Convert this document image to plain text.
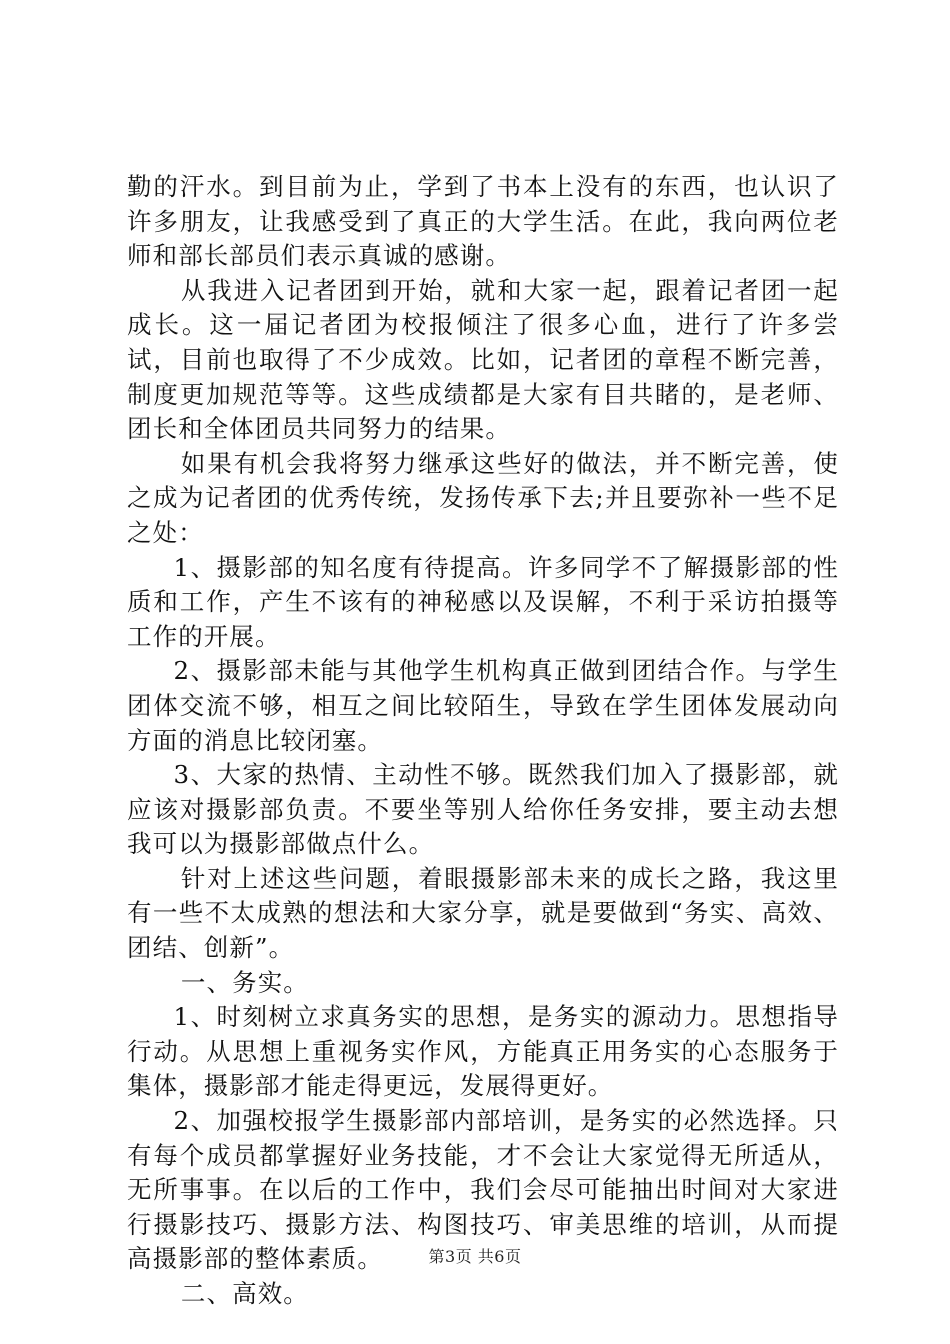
勤的汗水。到目前为止，学到了书本上没有的东西，也认识了许多朋友，让我感受到了真正的大学生活。在此，我向两位老师和部长部员们表示真诚的感谢。

从我进入记者团到开始，就和大家一起，跟着记者团一起成长。这一届记者团为校报倾注了很多心血，进行了许多尝试，目前也取得了不少成效。比如，记者团的章程不断完善，制度更加规范等等。这些成绩都是大家有目共睹的，是老师、团长和全体团员共同努力的结果。

如果有机会我将努力继承这些好的做法，并不断完善，使之成为记者团的优秀传统，发扬传承下去;并且要弥补一些不足之处：

1、摄影部的知名度有待提高。许多同学不了解摄影部的性质和工作，产生不该有的神秘感以及误解，不利于采访拍摄等工作的开展。

2、摄影部未能与其他学生机构真正做到团结合作。与学生团体交流不够，相互之间比较陌生，导致在学生团体发展动向方面的消息比较闭塞。

3、大家的热情、主动性不够。既然我们加入了摄影部，就应该对摄影部负责。不要坐等别人给你任务安排，要主动去想我可以为摄影部做点什么。

针对上述这些问题，着眼摄影部未来的成长之路，我这里有一些不太成熟的想法和大家分享，就是要做到“务实、高效、团结、创新”。

一、务实。

1、时刻树立求真务实的思想，是务实的源动力。思想指导行动。从思想上重视务实作风，方能真正用务实的心态服务于集体，摄影部才能走得更远，发展得更好。

2、加强校报学生摄影部内部培训，是务实的必然选择。只有每个成员都掌握好业务技能，才不会让大家觉得无所适从，无所事事。在以后的工作中，我们会尽可能抽出时间对大家进行摄影技巧、摄影方法、构图技巧、审美思维的培训，从而提高摄影部的整体素质。

二、高效。

第3页 共6页
